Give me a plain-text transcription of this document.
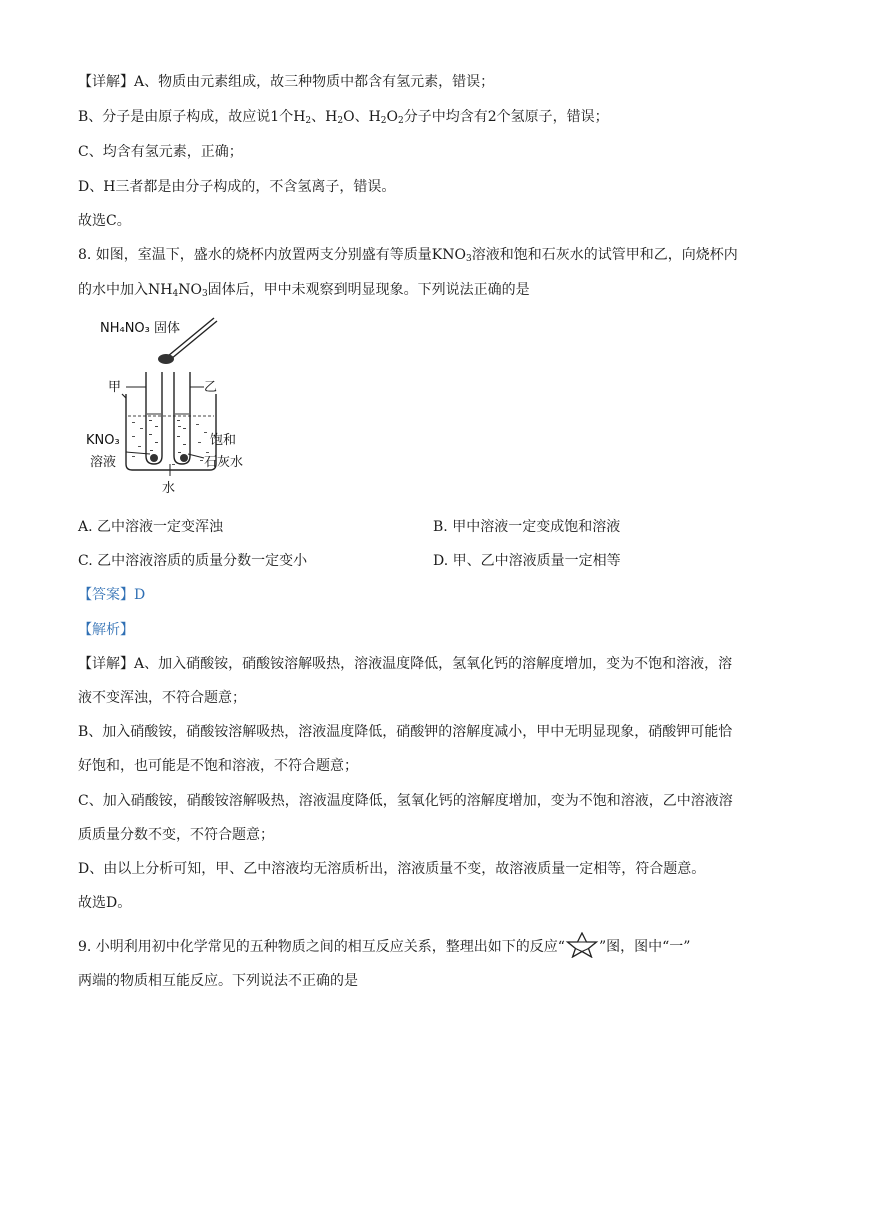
【详解】A、物质由元素组成，故三种物质中都含有氢元素，错误；
B、分子是由原子构成，故应说1个$H_2$、$H_2O$、$H_2O_2$分子中均含有2个氢原子，错误；
C、均含有氢元素，正确；
D、H三者都是由分子构成的，不含氢离子，错误。
故选C。
8. 如图，室温下，盛水的烧杯内放置两支分别盛有等质量$KNO_3$溶液和饱和石灰水的试管甲和乙，向烧杯内
的水中加入$NH_4NO_3$固体后，甲中未观察到明显现象。下列说法正确的是
NH₄NO₃ 固体
甲	乙
KNO₃
溶液
饱和
石灰水
水
A. 乙中溶液一定变浑浊	B. 甲中溶液一定变成饱和溶液
C. 乙中溶液溶质的质量分数一定变小	D. 甲、乙中溶液质量一定相等
【答案】D
【解析】
【详解】A、加入硝酸铵，硝酸铵溶解吸热，溶液温度降低，氢氧化钙的溶解度增加，变为不饱和溶液，溶
液不变浑浊，不符合题意；
B、加入硝酸铵，硝酸铵溶解吸热，溶液温度降低，硝酸钾的溶解度减小，甲中无明显现象，硝酸钾可能恰
好饱和，也可能是不饱和溶液，不符合题意；
C、加入硝酸铵，硝酸铵溶解吸热，溶液温度降低，氢氧化钙的溶解度增加，变为不饱和溶液，乙中溶液溶
质质量分数不变，不符合题意；
D、由以上分析可知，甲、乙中溶液均无溶质析出，溶液质量不变，故溶液质量一定相等，符合题意。
故选D。
9. 小明利用初中化学常见的五种物质之间的相互反应关系，整理出如下的反应“ ”图，图中“一”
两端的物质相互能反应。下列说法不正确的是
